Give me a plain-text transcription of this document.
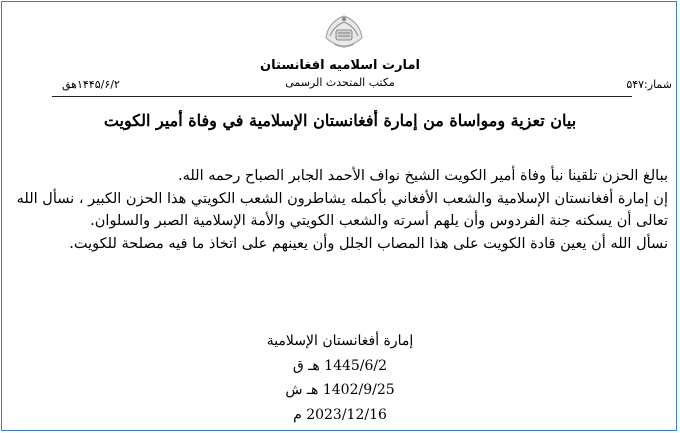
امارت اسلامیه افغانستان
مکتب المتحدث الرسمی	شمار:۵۴۷
۱۴۴۵/۶/۲هق
بيان تعزية ومواساة من إمارة أفغانستان الإسلامية في وفاة أمير الكويت

ببالغ الحزن تلقينا نبأ وفاة أمير الكويت الشيخ نواف الأحمد الجابر الصباح رحمه الله.

إن إمارة أفغانستان الإسلامية والشعب الأفغاني بأكمله يشاطرون الشعب الكويتي هذا الحزن الكبير ، نسأل الله تعالى أن يسكنه جنة الفردوس وأن يلهم أسرته والشعب الكويتي والأمة الإسلامية الصبر والسلوان.

نسأل الله أن يعين قادة الكويت على هذا المصاب الجلل وأن يعينهم على اتخاذ ما فيه مصلحة للكويت.

إمارة أفغانستان الإسلامية
1445/6/2 هـ ق
1402/9/25 هـ ش
2023/12/16 م
